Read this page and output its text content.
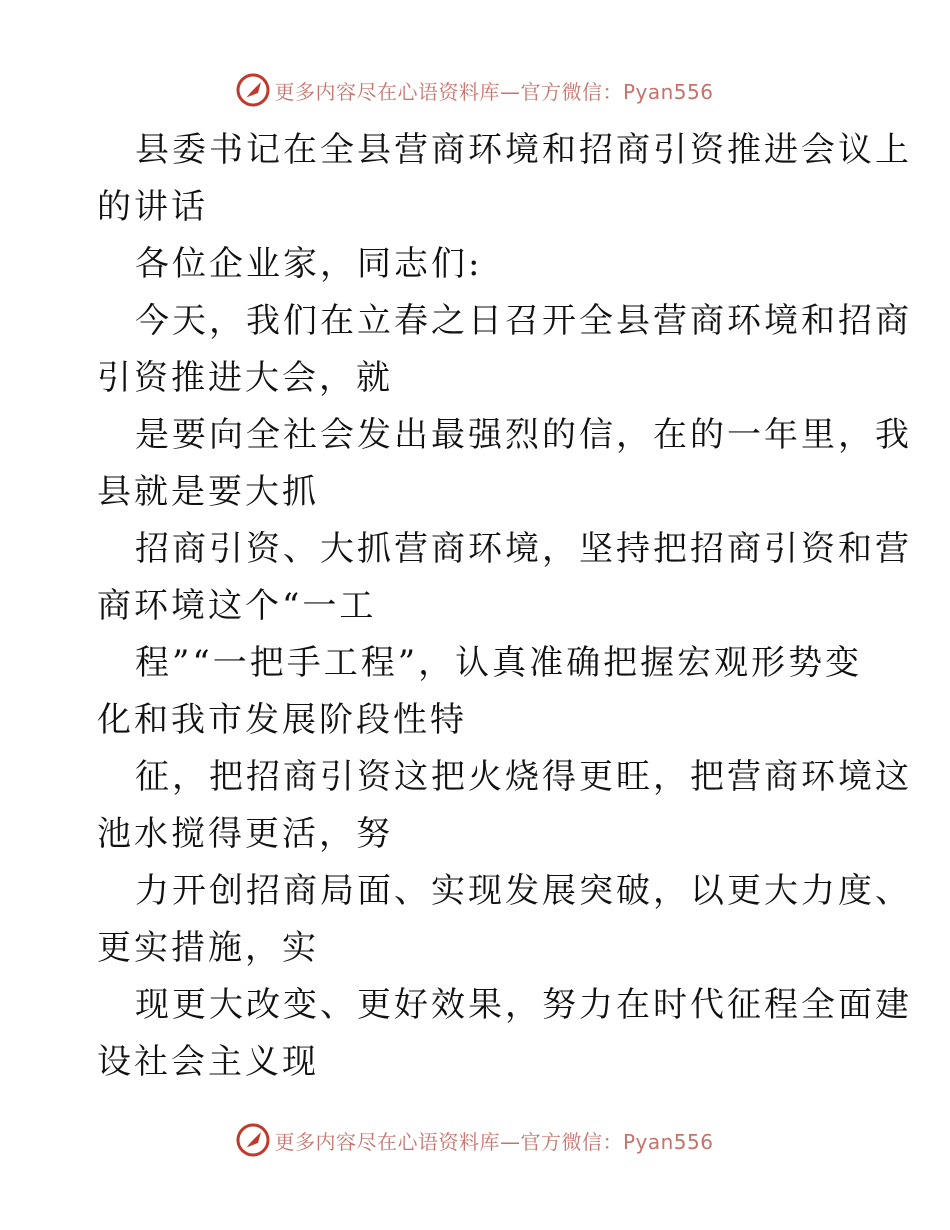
更多内容尽在心语资料库—官方微信：Pyan556
县委书记在全县营商环境和招商引资推进会议上
的讲话
各位企业家，同志们:
今天，我们在立春之日召开全县营商环境和招商
引资推进大会，就
是要向全社会发出最强烈的信，在的一年里，我
县就是要大抓
招商引资、大抓营商环境，坚持把招商引资和营
商环境这个“一工
程”“一把手工程”，认真准确把握宏观形势变
化和我市发展阶段性特
征，把招商引资这把火烧得更旺，把营商环境这
池水搅得更活，努
力开创招商局面、实现发展突破，以更大力度、
更实措施，实
现更大改变、更好效果，努力在时代征程全面建
设社会主义现
更多内容尽在心语资料库—官方微信：Pyan556
